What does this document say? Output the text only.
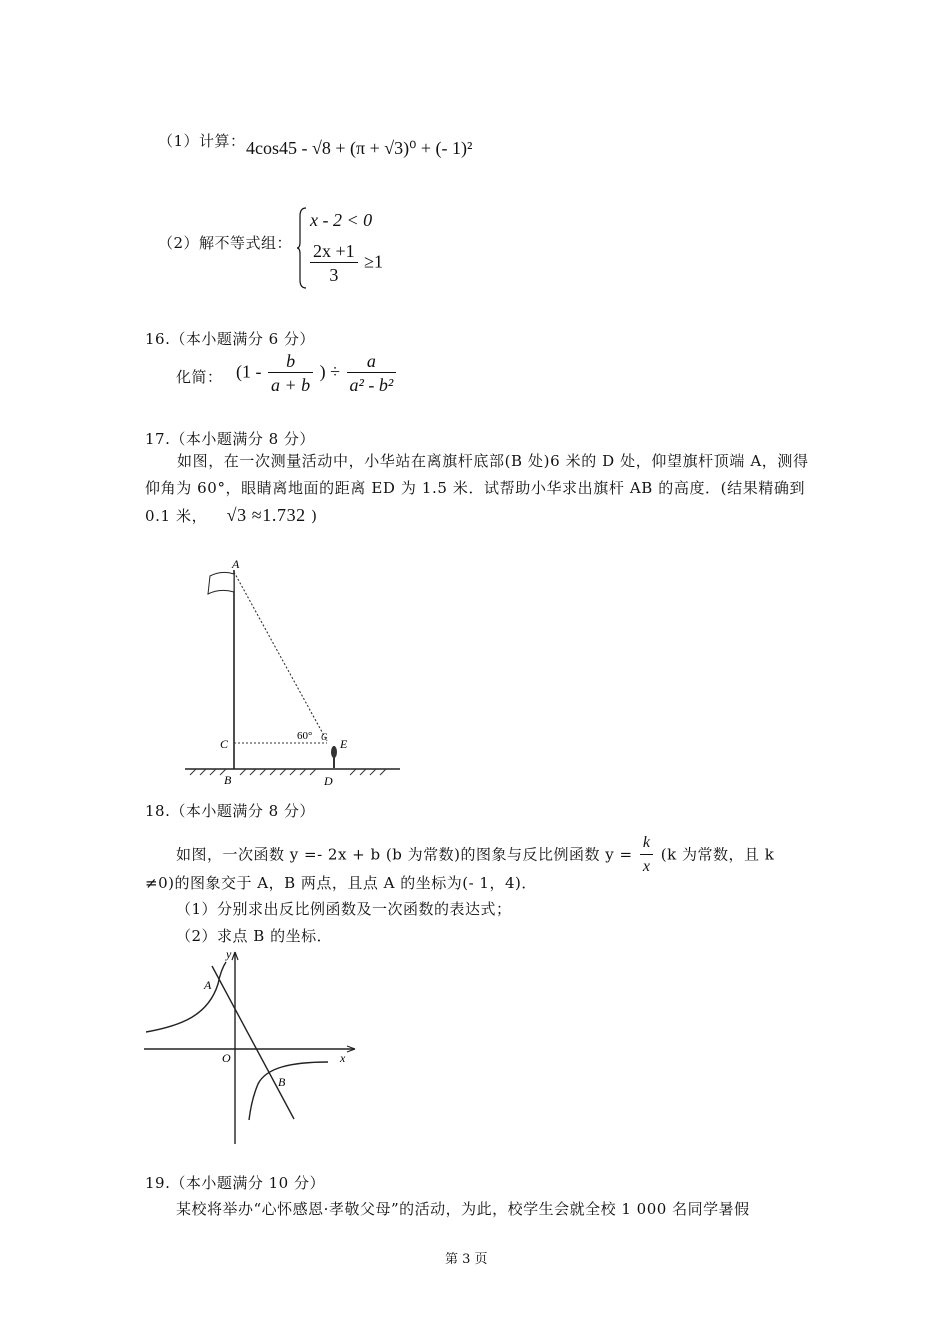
（1）计算： 4cos45 - √8 + (π + √3)⁰ + (- 1)²
（2）解不等式组：
x - 2 < 0
$\frac{2x +1}{3} \ge 1$
16.（本小题满分 6 分）
化简： ($1 - \frac{b}{a + b}$ ) ÷ $\frac{a}{\text{a² - b²}}$
17.（本小题满分 8 分）
如图，在一次测量活动中，小华站在离旗杆底部(B 处)6 米的 D 处，仰望旗杆顶端 A，测得仰角为 60°，眼睛离地面的距离 ED 为 1.5 米．试帮助小华求出旗杆 AB 的高度．(结果精确到 0.1 米， √3 ≈1.732 )
A
C
B	D
E
G
60°
18.（本小题满分 8 分）
如图，一次函数 y =- 2x + b (b 为常数)的图象与反比例函数 $y = \frac{k}{x} (k$ 为常数，且 k
≠0)的图象交于 A，B 两点，且点 A 的坐标为(- 1，4)．
（1）分别求出反比例函数及一次函数的表达式；
（2）求点 B 的坐标．
y
x
O
A
B
19.（本小题满分 10 分）
某校将举办“心怀感恩·孝敬父母”的活动，为此，校学生会就全校 1 000 名同学暑假
第 3 页
